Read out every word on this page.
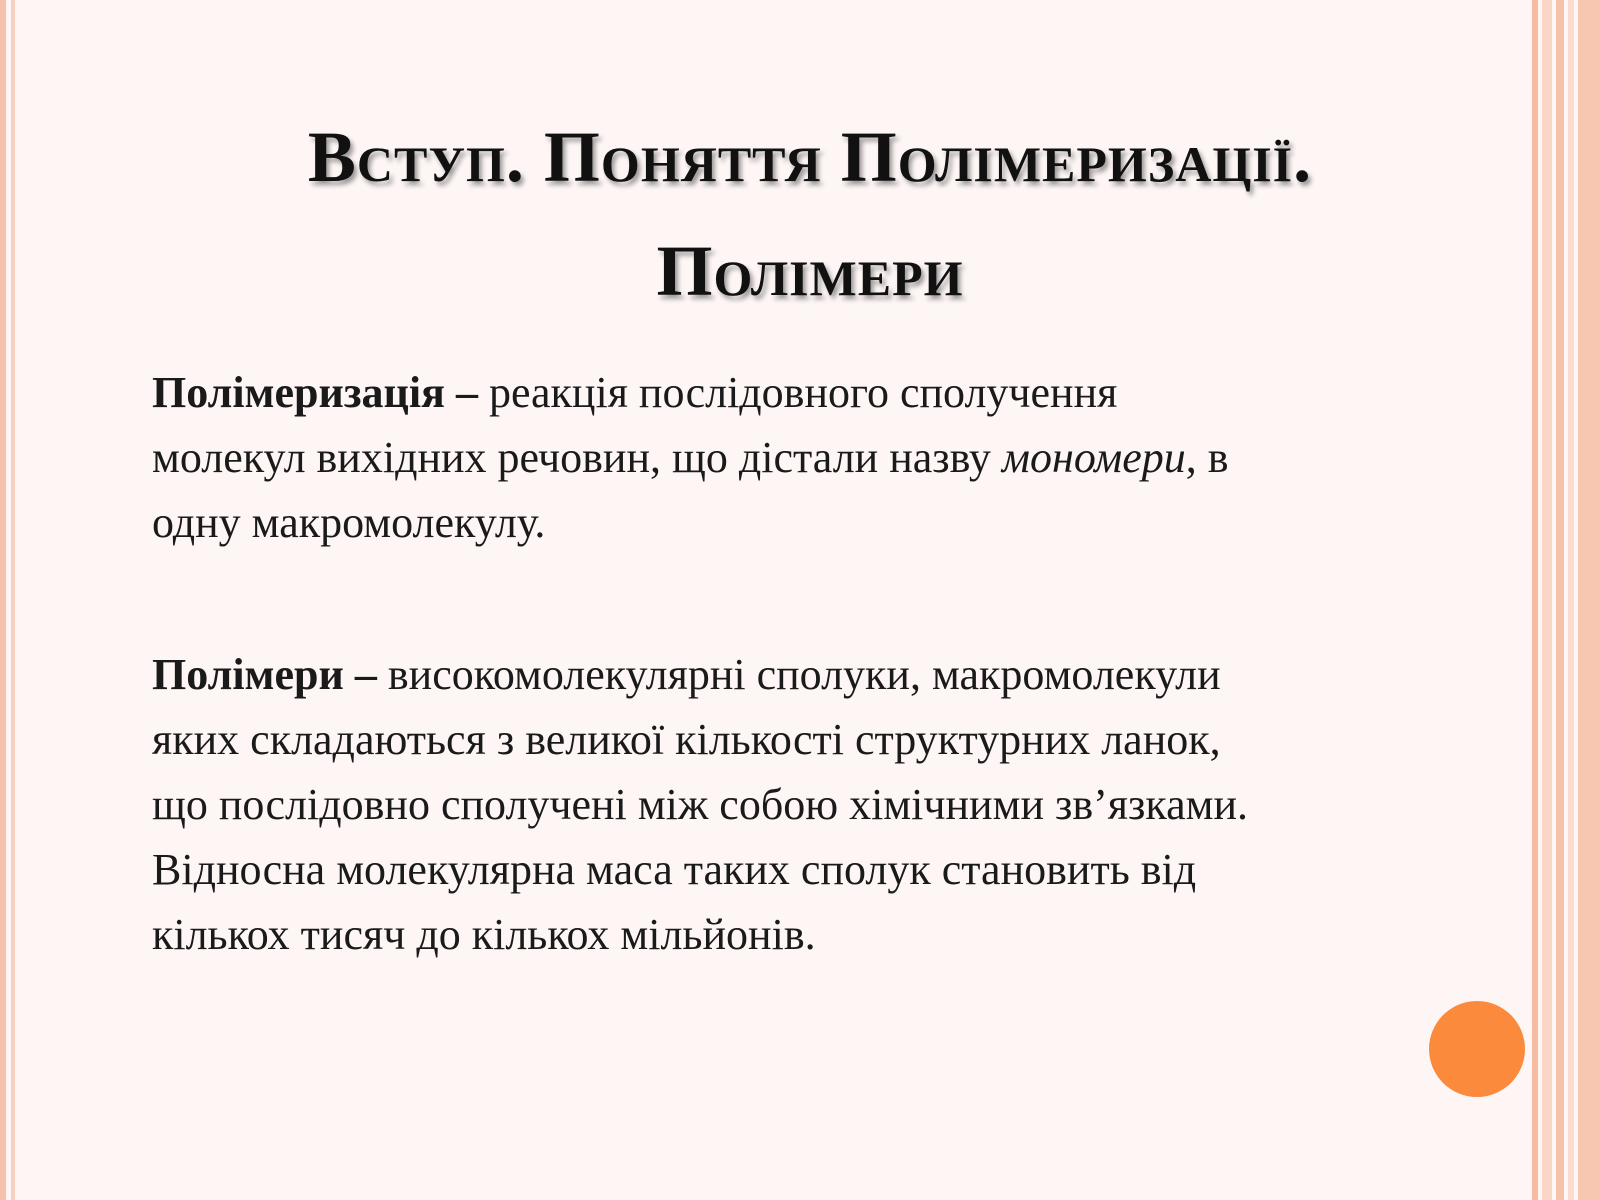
Вступ. Поняття Полімеризації.
Полімери

Полімеризація – реакція послідовного сполучення
молекул вихідних речовин, що дістали назву мономери, в
одну макромолекулу.

Полімери – високомолекулярні сполуки, макромолекули
яких складаються з великої кількості структурних ланок,
що послідовно сполучені між собою хімічними зв’язками.
Відносна молекулярна маса таких сполук становить від
кількох тисяч до кількох мільйонів.
